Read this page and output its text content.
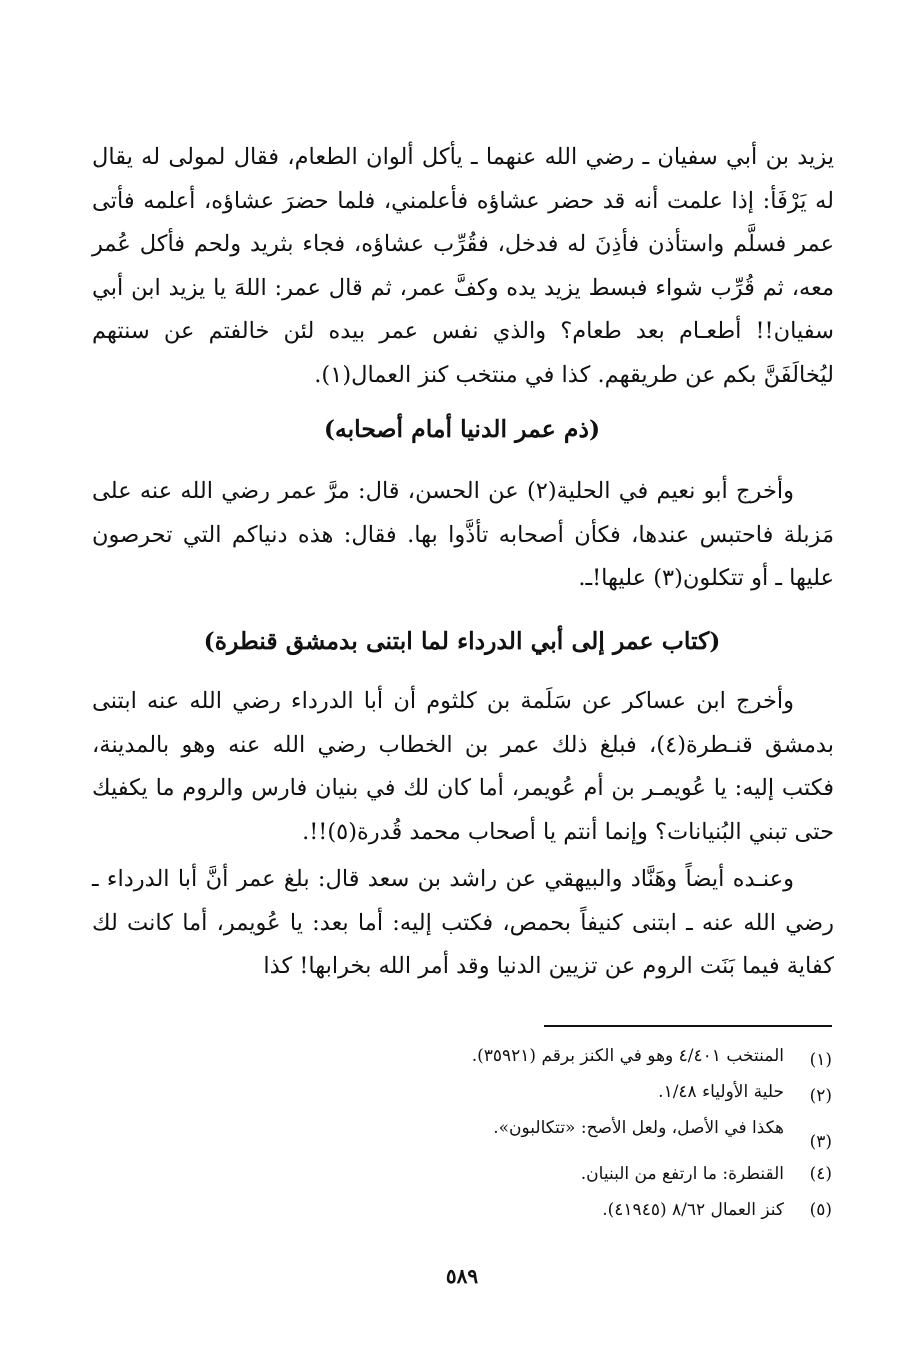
يزيد بن أبي سفيان ـ رضي الله عنهما ـ يأكل ألوان الطعام، فقال لمولى له يقال له يَرْفَأ: إذا علمت أنه قد حضر عشاؤه فأعلمني، فلما حضرَ عشاؤه، أعلمه فأتى عمر فسلَّم واستأذن فأذِنَ له فدخل، فقُرِّب عشاؤه، فجاء بثريد ولحم فأكل عُمر معه، ثم قُرِّب شواء فبسط يزيد يده وكفَّ عمر، ثم قال عمر: اللهَ يا يزيد ابن أبي سفيان!! أطعـام بعد طعام؟ والذي نفس عمر بيده لئن خالفتم عن سنتهم ليُخالَفَنَّ بكم عن طريقهم. كذا في منتخب كنز العمال(١).

(ذم عمر الدنيا أمام أصحابه)

وأخرج أبو نعيم في الحلية(٢) عن الحسن، قال: مرَّ عمر رضي الله عنه على مَزبلة فاحتبس عندها، فكأن أصحابه تأذَّوا بها. فقال: هذه دنياكم التي تحرصون عليها ـ أو تتكلون(٣) عليها!ـ.

(كتاب عمر إلى أبي الدرداء لما ابتنى بدمشق قنطرة)

وأخرج ابن عساكر عن سَلَمة بن كلثوم أن أبا الدرداء رضي الله عنه ابتنى بدمشق قنـطرة(٤)، فبلغ ذلك عمر بن الخطاب رضي الله عنه وهو بالمدينة، فكتب إليه: يا عُويمـر بن أم عُويمر، أما كان لك في بنيان فارس والروم ما يكفيك حتى تبني البُنيانات؟ وإنما أنتم يا أصحاب محمد قُدرة(٥)!!.

وعنـده أيضاً وهَنَّاد والبيهقي عن راشد بن سعد قال: بلغ عمر أنَّ أبا الدرداء ـ رضي الله عنه ـ ابتنى كنيفاً بحمص، فكتب إليه: أما بعد: يا عُويمر، أما كانت لك كفاية فيما بَنَت الروم عن تزيين الدنيا وقد أمر الله بخرابها! كذا

(١)
المنتخب ٤/٤٠١ وهو في الكنز برقم (٣٥٩٢١).
(٢)
حلية الأولياء ١/٤٨.
(٣)
هكذا في الأصل، ولعل الأصح: «تتكالبون».
(٤)
القنطرة: ما ارتفع من البنيان.
(٥)
كنز العمال ٨/٦٢ (٤١٩٤٥).
٥٨٩
